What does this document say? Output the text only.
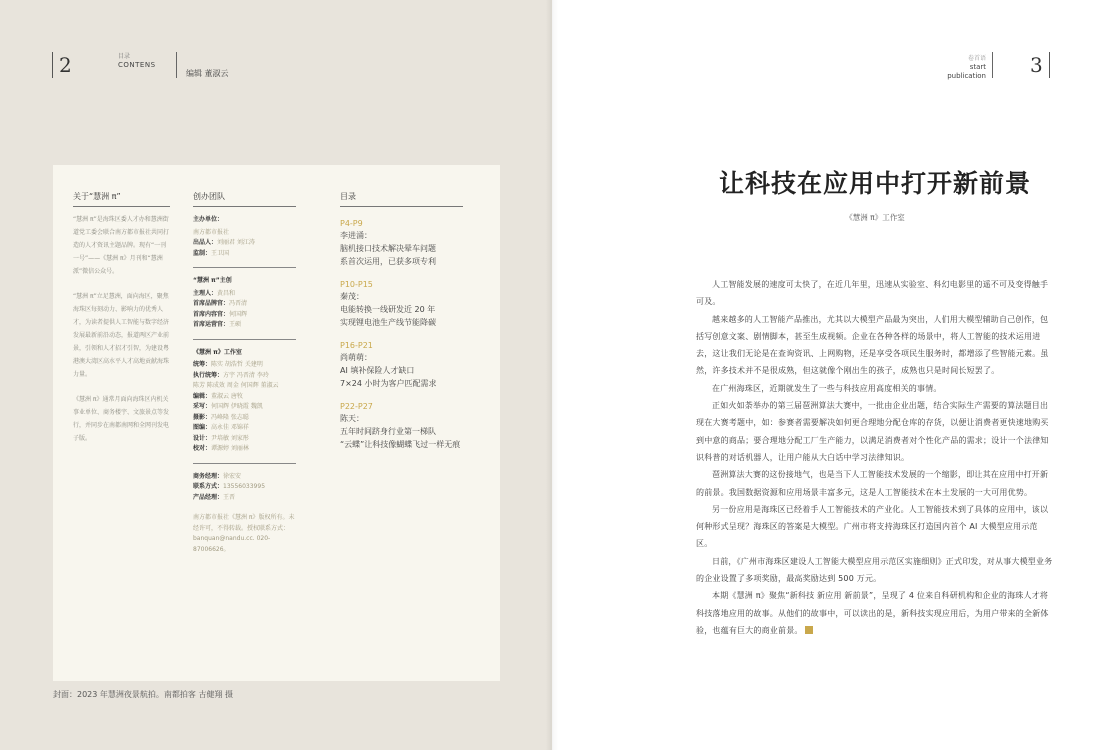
2	目录
CONTENS
编辑 董淑云
关于“慧洲 π”

“慧洲 π”是海珠区委人才办和慧洲街道党工委会联合南方都市报社共同打造的人才资讯主题品牌。现有“一刊一号”——《慧洲 π》月刊和“慧洲派”微信公众号。

“慧洲 π”立足慧洲，面向海区，聚焦海珠区每刻动力、影响力的优秀人才，为读者提供人工智能与数字经济发展最新前沿动态，报道两区产业前景，引领和人才招才引智，为建设粤港澳大湾区高水平人才高地贡献海珠力量。

《慧洲 π》通常月面向海珠区内机关事业单位、商务楼宇、文旅景点等发行，并同步在南都南网和全网刊发电子版。

创办团队
主办单位：
南方都市报社
出品人：刘丽君 刘江涛
监制：王卫国
“慧洲 π”主创
主理人：黄昌和
首席品牌官：冯晋清
首席内容官：何国辉
首席运营官：王硕
《慧洲 π》工作室
统筹：陈实 胡浩哲 关建明
执行统筹：方宇 冯晋清 李玲
陈芳 陈成效 周金 何国辉 董淑云
编辑：董淑云 唐牧
采写：何国辉 伊晓霞 魏凯
摄影：冯峰隆 张志聪
图编：高永佳 邓锦祥
设计：尹培敏 刘家彤
校对：谭源婷 刘丽林
商务经理：徐宏安
联系方式：13556033995
产品经理：王晋
南方都市报社《慧洲 π》版权所有。未经许可，不得转载。授权联系方式：banquan@nandu.cc. 020-87006626。
目录
P4-P9
李进涌：
脑机接口技术解决晕车问题
系首次运用，已获多项专利
P10-P15
秦茂：
电能转换一线研发近 20 年
实现锂电池生产线节能降碳
P16-P21
尚萌萌：
AI 填补保险人才缺口
7×24 小时为客户匹配需求
P22-P27
陈天：
五年时间跻身行业第一梯队
“云蝶”让科技像蝴蝶飞过一样无痕
封面：2023 年慧洲夜景航拍。南都拍客 古健翔 摄
卷首语
start
publication 3
让科技在应用中打开新前景
《慧洲 π》工作室

人工智能发展的速度可太快了，在近几年里，迅速从实验室、科幻电影里的遥不可及变得触手可及。

越来越多的人工智能产品推出，尤其以大模型产品最为突出，人们用大模型辅助自己创作，包括写创意文案、剧情脚本，甚至生成视频。企业在各种各样的场景中，将人工智能的技术运用进去，这让我们无论是在查询资讯、上网购物，还是享受各项民生服务时，都增添了些智能元素。虽然，许多技术并不是很成熟，但这就像个刚出生的孩子，成熟也只是时间长短罢了。

在广州海珠区，近期就发生了一些与科技应用高度相关的事情。

正如火如荼举办的第三届琶洲算法大赛中，一批由企业出题，结合实际生产需要的算法题目出现在大赛考题中，如：参赛者需要解决如何更合理地分配仓库的存货，以便让消费者更快速地购买到中意的商品；要合理地分配工厂生产能力，以满足消费者对个性化产品的需求；设计一个法律知识科普的对话机器人，让用户能从大白话中学习法律知识。

琶洲算法大赛的这份接地气，也是当下人工智能技术发展的一个缩影，即让其在应用中打开新的前景。我国数据资源和应用场景丰富多元，这是人工智能技术在本土发展的一大可用优势。

另一份应用是海珠区已经着手人工智能技术的产业化。人工智能技术到了具体的应用中，该以何种形式呈现？海珠区的答案是大模型。广州市将支持海珠区打造国内首个 AI 大模型应用示范区。

日前，《广州市海珠区建设人工智能大模型应用示范区实施细则》正式印发，对从事大模型业务的企业设置了多项奖励，最高奖励达到 500 万元。

本期《慧洲 π》聚焦“新科技 新应用 新前景”，呈现了 4 位来自科研机构和企业的海珠人才将科技落地应用的故事。从他们的故事中，可以读出的是，新科技实现应用后，为用户带来的全新体验，也蕴有巨大的商业前景。
